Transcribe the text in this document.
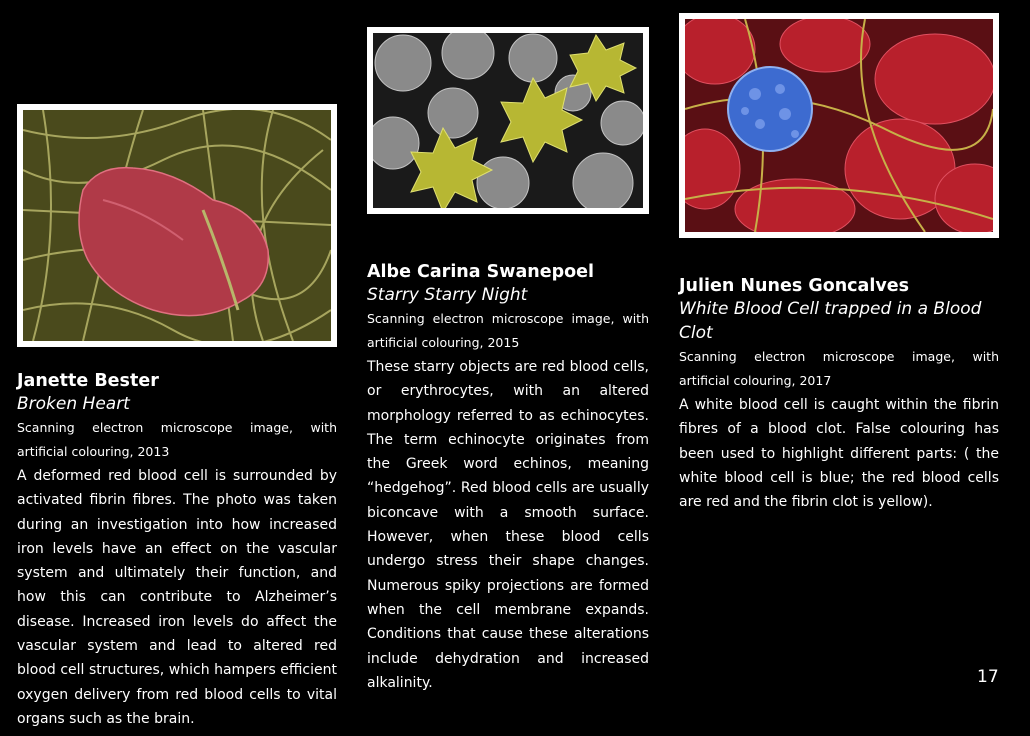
Janette Bester

Broken Heart

Scanning electron microscope image, with artificial colouring, 2013

A deformed red blood cell is surrounded by activated fibrin fibres. The photo was taken during an investigation into how increased iron levels have an effect on the vascular system and ultimately their function, and how this can contribute to Alzheimer’s disease. Increased iron levels do affect the vascular system and lead to altered red blood cell structures, which hampers efficient oxygen delivery from red blood cells to vital organs such as the brain.

Albe Carina Swanepoel

Starry Starry Night

Scanning electron microscope image, with artificial colouring, 2015

These starry objects are red blood cells, or erythrocytes, with an altered morphology referred to as echinocytes. The term echinocyte originates from the Greek word echinos, meaning “hedgehog”. Red blood cells are usually biconcave with a smooth surface. However, when these blood cells undergo stress their shape changes. Numerous spiky projections are formed when the cell membrane expands. Conditions that cause these alterations include dehydration and increased alkalinity.

Julien Nunes Goncalves

White Blood Cell trapped in a Blood Clot

Scanning electron microscope image, with artificial colouring, 2017

A white blood cell is caught within the fibrin fibres of a blood clot. False colouring has been used to highlight different parts: ( the white blood cell is blue; the red blood cells are red and the fibrin clot is yellow).

17
